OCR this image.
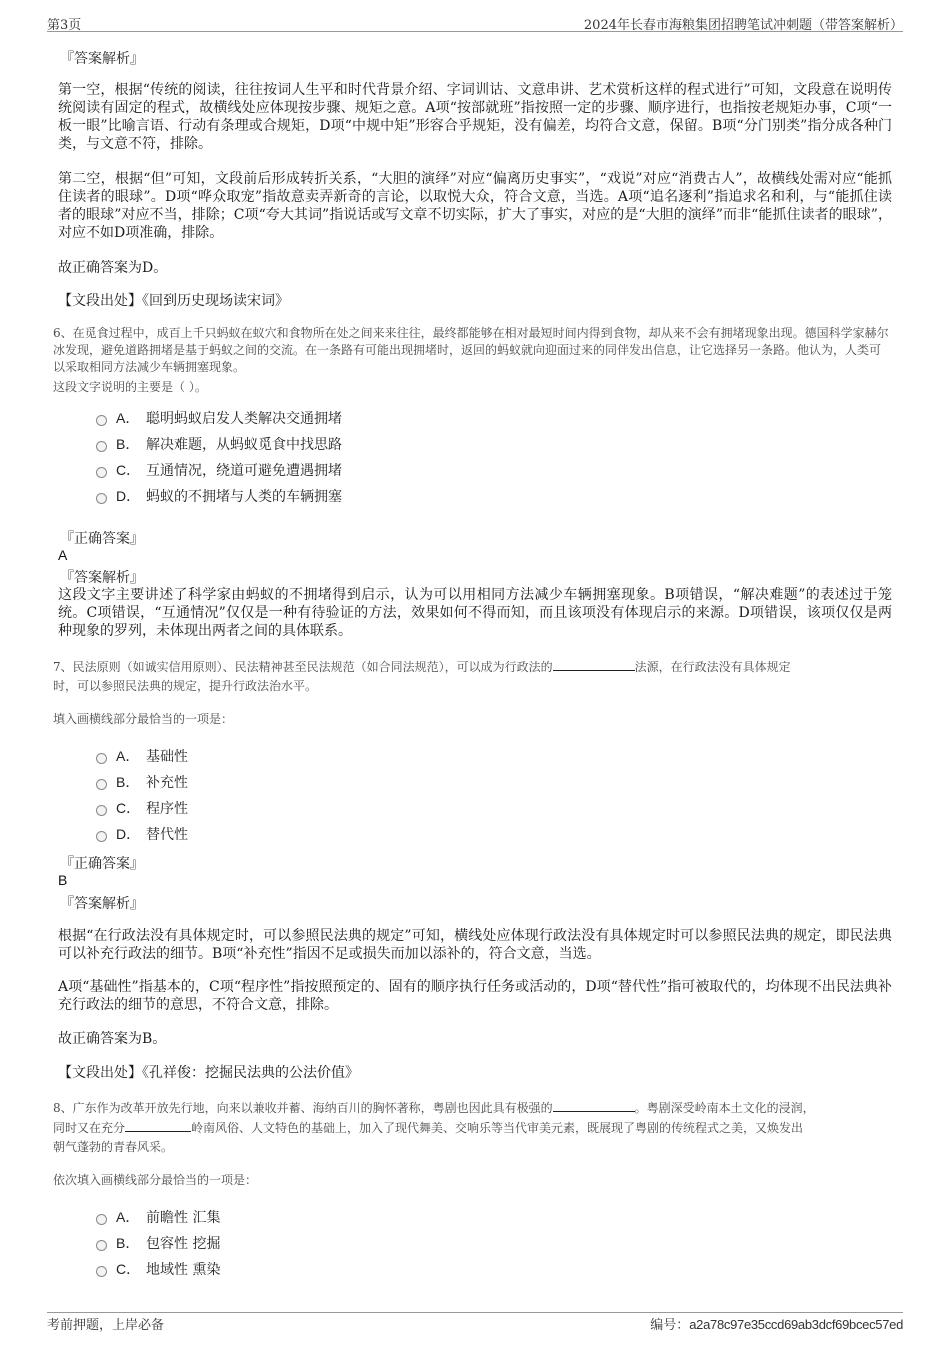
第3页	2024年长春市海粮集团招聘笔试冲刺题（带答案解析）
『答案解析』

第一空，根据“传统的阅读，往往按词人生平和时代背景介绍、字词训诂、文意串讲、艺术赏析这样的程式进行”可知，文段意在说明传统阅读有固定的程式，故横线处应体现按步骤、规矩之意。A项“按部就班”指按照一定的步骤、顺序进行，也指按老规矩办事，C项“一板一眼”比喻言语、行动有条理或合规矩，D项“中规中矩”形容合乎规矩，没有偏差，均符合文意，保留。B项“分门别类”指分成各种门类，与文意不符，排除。

第二空，根据“但”可知，文段前后形成转折关系，“大胆的演绎”对应“偏离历史事实”，“戏说”对应“消费古人”，故横线处需对应“能抓住读者的眼球”。D项“哗众取宠”指故意卖弄新奇的言论，以取悦大众，符合文意，当选。A项“追名逐利”指追求名和利，与“能抓住读者的眼球”对应不当，排除；C项“夸大其词”指说话或写文章不切实际，扩大了事实，对应的是“大胆的演绎”而非“能抓住读者的眼球”，对应不如D项准确，排除。

故正确答案为D。

【文段出处】《回到历史现场读宋词》

6、在觅食过程中，成百上千只蚂蚁在蚁穴和食物所在处之间来来往往，最终都能够在相对最短时间内得到食物，却从来不会有拥堵现象出现。德国科学家赫尔冰发现，避免道路拥堵是基于蚂蚁之间的交流。在一条路有可能出现拥堵时，返回的蚂蚁就向迎面过来的同伴发出信息，让它选择另一条路。他认为，人类可以采取相同方法减少车辆拥塞现象。

这段文字说明的主要是（ ）。

A． 聪明蚂蚁启发人类解决交通拥堵
B． 解决难题，从蚂蚁觅食中找思路
C． 互通情况，绕道可避免遭遇拥堵
D． 蚂蚁的不拥堵与人类的车辆拥塞
『正确答案』
A
『答案解析』

这段文字主要讲述了科学家由蚂蚁的不拥堵得到启示，认为可以用相同方法减少车辆拥塞现象。B项错误，“解决难题”的表述过于笼统。C项错误，“互通情况”仅仅是一种有待验证的方法，效果如何不得而知，而且该项没有体现启示的来源。D项错误，该项仅仅是两种现象的罗列，未体现出两者之间的具体联系。

7、民法原则（如诚实信用原则）、民法精神甚至民法规范（如合同法规范），可以成为行政法的	法源，在行政法没有具体规定

时，可以参照民法典的规定，提升行政法治水平。

填入画横线部分最恰当的一项是：

A． 基础性
B． 补充性
C． 程序性
D． 替代性
『正确答案』
B
『答案解析』

根据“在行政法没有具体规定时，可以参照民法典的规定”可知，横线处应体现行政法没有具体规定时可以参照民法典的规定，即民法典可以补充行政法的细节。B项“补充性”指因不足或损失而加以添补的，符合文意，当选。

A项“基础性”指基本的，C项“程序性”指按照预定的、固有的顺序执行任务或活动的，D项“替代性”指可被取代的，均体现不出民法典补充行政法的细节的意思，不符合文意，排除。

故正确答案为B。

【文段出处】《孔祥俊：挖掘民法典的公法价值》

8、广东作为改革开放先行地，向来以兼收并蓄、海纳百川的胸怀著称，粤剧也因此具有极强的	。粤剧深受岭南本土文化的浸润，
同时又在充分	岭南风俗、人文特色的基础上，加入了现代舞美、交响乐等当代审美元素，既展现了粤剧的传统程式之美，又焕发出

朝气蓬勃的青春风采。

依次填入画横线部分最恰当的一项是：

A． 前瞻性 汇集
B． 包容性 挖掘
C． 地域性 熏染
考前押题，上岸必备	编号：a2a78c97e35ccd69ab3dcf69bcec57ed
